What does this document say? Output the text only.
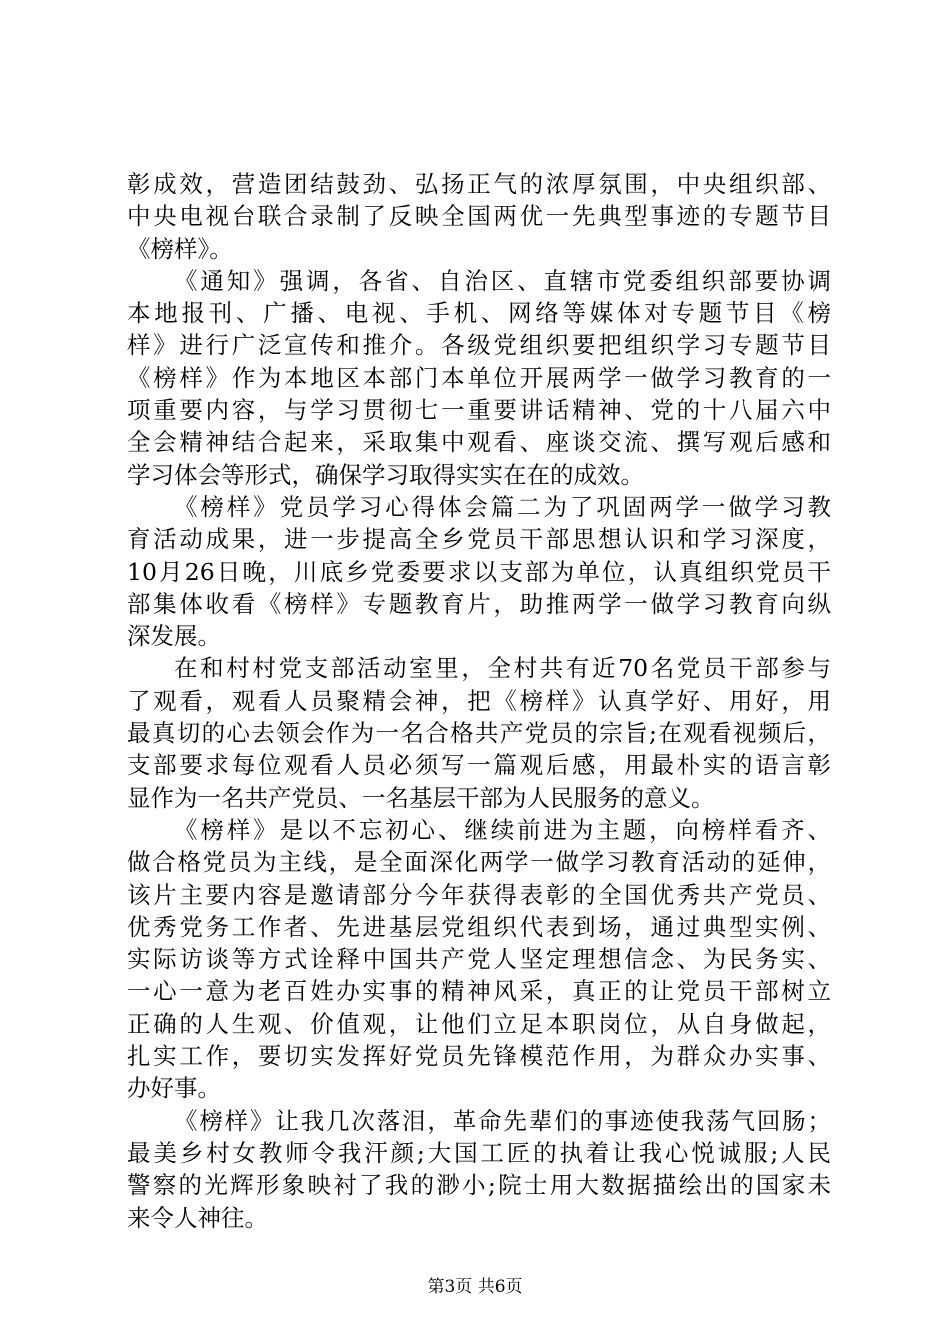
彰成效，营造团结鼓劲、弘扬正气的浓厚氛围，中央组织部、
中央电视台联合录制了反映全国两优一先典型事迹的专题节目
《榜样》。
《通知》强调，各省、自治区、直辖市党委组织部要协调
本地报刊、广播、电视、手机、网络等媒体对专题节目《榜
样》进行广泛宣传和推介。各级党组织要把组织学习专题节目
《榜样》作为本地区本部门本单位开展两学一做学习教育的一
项重要内容，与学习贯彻七一重要讲话精神、党的十八届六中
全会精神结合起来，采取集中观看、座谈交流、撰写观后感和
学习体会等形式，确保学习取得实实在在的成效。
《榜样》党员学习心得体会篇二为了巩固两学一做学习教
育活动成果，进一步提高全乡党员干部思想认识和学习深度，
10月26日晚，川底乡党委要求以支部为单位，认真组织党员干
部集体收看《榜样》专题教育片，助推两学一做学习教育向纵
深发展。
在和村村党支部活动室里，全村共有近70名党员干部参与
了观看，观看人员聚精会神，把《榜样》认真学好、用好，用
最真切的心去领会作为一名合格共产党员的宗旨;在观看视频后，
支部要求每位观看人员必须写一篇观后感，用最朴实的语言彰
显作为一名共产党员、一名基层干部为人民服务的意义。
《榜样》是以不忘初心、继续前进为主题，向榜样看齐、
做合格党员为主线，是全面深化两学一做学习教育活动的延伸，
该片主要内容是邀请部分今年获得表彰的全国优秀共产党员、
优秀党务工作者、先进基层党组织代表到场，通过典型实例、
实际访谈等方式诠释中国共产党人坚定理想信念、为民务实、
一心一意为老百姓办实事的精神风采，真正的让党员干部树立
正确的人生观、价值观，让他们立足本职岗位，从自身做起，
扎实工作，要切实发挥好党员先锋模范作用，为群众办实事、
办好事。
《榜样》让我几次落泪，革命先辈们的事迹使我荡气回肠；
最美乡村女教师令我汗颜;大国工匠的执着让我心悦诚服;人民
警察的光辉形象映衬了我的渺小;院士用大数据描绘出的国家未
来令人神往。
第3页 共6页
